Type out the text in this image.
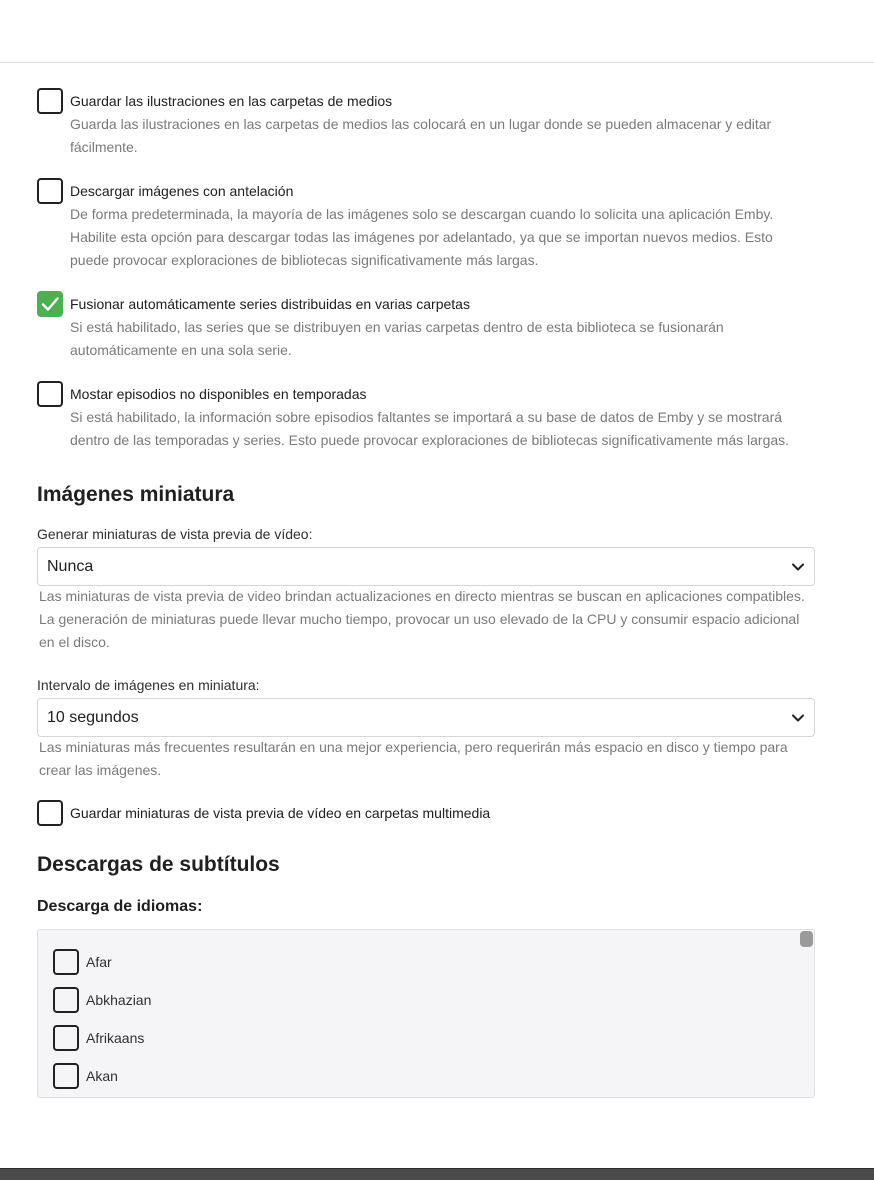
Guardar las ilustraciones en las carpetas de medios
Guarda las ilustraciones en las carpetas de medios las colocará en un lugar donde se pueden almacenar y editar fácilmente.
Descargar imágenes con antelación
De forma predeterminada, la mayoría de las imágenes solo se descargan cuando lo solicita una aplicación Emby. Habilite esta opción para descargar todas las imágenes por adelantado, ya que se importan nuevos medios. Esto puede provocar exploraciones de bibliotecas significativamente más largas.
Fusionar automáticamente series distribuidas en varias carpetas
Si está habilitado, las series que se distribuyen en varias carpetas dentro de esta biblioteca se fusionarán automáticamente en una sola serie.
Mostar episodios no disponibles en temporadas
Si está habilitado, la información sobre episodios faltantes se importará a su base de datos de Emby y se mostrará dentro de las temporadas y series. Esto puede provocar exploraciones de bibliotecas significativamente más largas.
Imágenes miniatura
Generar miniaturas de vista previa de vídeo:
Nunca
Las miniaturas de vista previa de video brindan actualizaciones en directo mientras se buscan en aplicaciones compatibles. La generación de miniaturas puede llevar mucho tiempo, provocar un uso elevado de la CPU y consumir espacio adicional en el disco.
Intervalo de imágenes en miniatura:
10 segundos
Las miniaturas más frecuentes resultarán en una mejor experiencia, pero requerirán más espacio en disco y tiempo para crear las imágenes.
Guardar miniaturas de vista previa de vídeo en carpetas multimedia
Descargas de subtítulos
Descarga de idiomas:
Afar
Abkhazian
Afrikaans
Akan
